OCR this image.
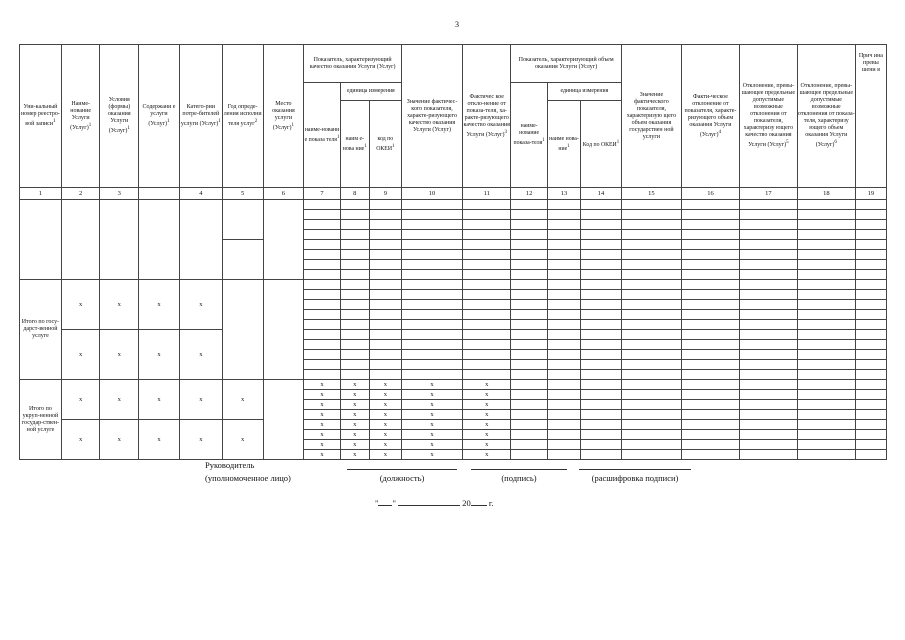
3
Уни-кальный номер реестро-вой записи$^1$	Наиме-нование Услуги (Услуг)$^1$	Условия (формы) оказания Услуги (Услуг)$^1$	Содержани е услуги (Услуг)$^1$	Катего-рии потре-бителей услуги (Услуг)$^1$	Год опреде-ления исполни теля услуг$^2$	Место оказания услуги (Услуг)$^1$	Показатель, характеризующий качество оказания Услуги (Услуг)			Значение фактичес-кого показателя, характе-ризующего качество оказания Услуги (Услуг)	Фактичес кое откло-нение от показа-теля, ха-ракте-ризующего качество оказания Услуги (Услуг)$^3$	Показатель, характеризующий объем оказания Услуги (Услуг)			Значение фактического показателя, характеризую щего объем оказания государствен ной услуги	Факти-ческое отклонение от показателя, характе-ризующего объем оказания Услуги (Услуг)$^4$	Отклонение, превы-шающее предельные допустимые возможные отклонения от показателя, характеризу ющего качество оказания Услуги (Услуг)$^5$	Отклонение, превы-шающее предельные допустимые возможные отклонения от показа-теля, характеризу ющего объем оказания Услуги (Услуг)$^6$	Прич ина превы шени я
							наиме-новани е показа теля$^1$	единица измерения				наиме-нование показа-теля$^1$	единица измерения						
								наим е-нова ние$^1$	код по ОКЕИ$^1$				наиме нова-ние$^1$	Код по ОКЕИ$^1$
1	2	3		4	5	6	7	8	9	10	11	12	13	14	15	16	17	18	19

Итого по госу-дарст-венной услуге	x	x	x	x															

	x	x	x	x															

Итого по укруп-ненной государ-ствен-ной услуге	x	x	x	x	x		x	x	x	x	x								
							x	x	x	x	x								
							x	x	x	x	x								
							x	x	x	x	x								
	x	x	x	x	x		x	x	x	x	x								
							x	x	x	x	x								
							x	x	x	x	x								
							x	x	x	x	x								
Руководитель
(уполномоченное лицо)	(должность)	(подпись)	(расшифровка подписи)
" "	20 г.
